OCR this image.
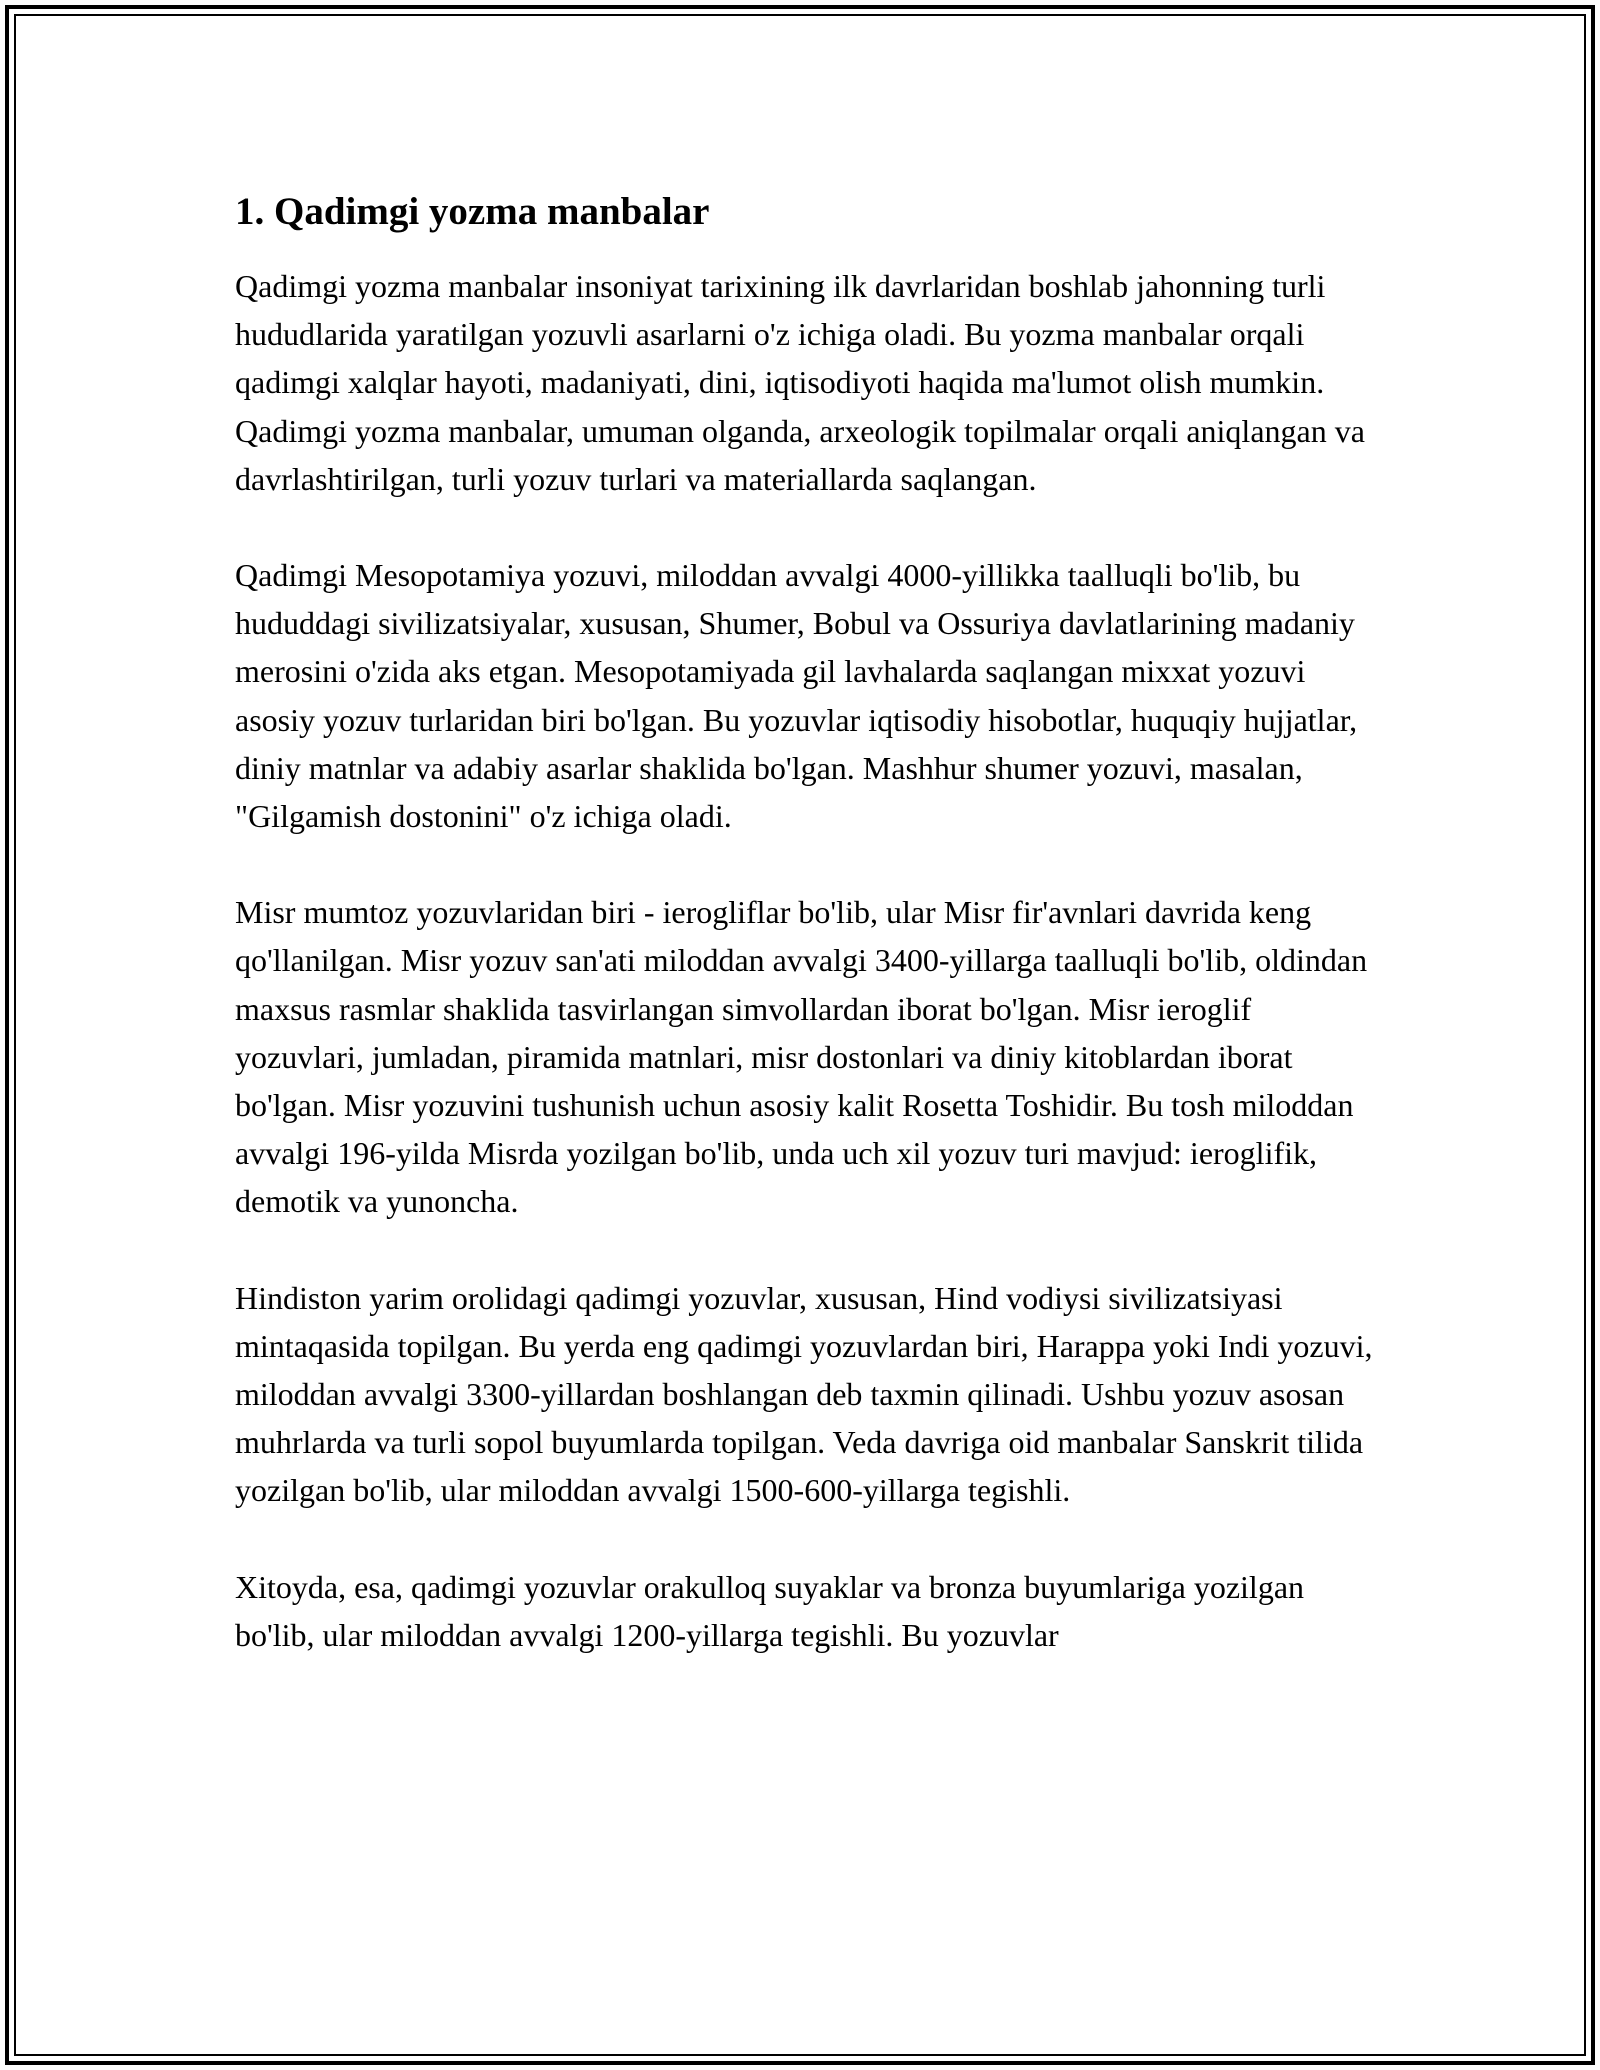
1. Qadimgi yozma manbalar

Qadimgi yozma manbalar insoniyat tarixining ilk davrlaridan boshlab jahonning turli hududlarida yaratilgan yozuvli asarlarni o'z ichiga oladi. Bu yozma manbalar orqali qadimgi xalqlar hayoti, madaniyati, dini, iqtisodiyoti haqida ma'lumot olish mumkin. Qadimgi yozma manbalar, umuman olganda, arxeologik topilmalar orqali aniqlangan va davrlashtirilgan, turli yozuv turlari va materiallarda saqlangan.

Qadimgi Mesopotamiya yozuvi, miloddan avvalgi 4000-yillikka taalluqli bo'lib, bu hududdagi sivilizatsiyalar, xususan, Shumer, Bobul va Ossuriya davlatlarining madaniy merosini o'zida aks etgan. Mesopotamiyada gil lavhalarda saqlangan mixxat yozuvi asosiy yozuv turlaridan biri bo'lgan. Bu yozuvlar iqtisodiy hisobotlar, huquqiy hujjatlar, diniy matnlar va adabiy asarlar shaklida bo'lgan. Mashhur shumer yozuvi, masalan, "Gilgamish dostonini" o'z ichiga oladi.

Misr mumtoz yozuvlaridan biri - ierogliflar bo'lib, ular Misr fir'avnlari davrida keng qo'llanilgan. Misr yozuv san'ati miloddan avvalgi 3400-yillarga taalluqli bo'lib, oldindan maxsus rasmlar shaklida tasvirlangan simvollardan iborat bo'lgan. Misr ieroglif yozuvlari, jumladan, piramida matnlari, misr dostonlari va diniy kitoblardan iborat bo'lgan. Misr yozuvini tushunish uchun asosiy kalit Rosetta Toshidir. Bu tosh miloddan avvalgi 196-yilda Misrda yozilgan bo'lib, unda uch xil yozuv turi mavjud: ieroglifik, demotik va yunoncha.

Hindiston yarim orolidagi qadimgi yozuvlar, xususan, Hind vodiysi sivilizatsiyasi mintaqasida topilgan. Bu yerda eng qadimgi yozuvlardan biri, Harappa yoki Indi yozuvi, miloddan avvalgi 3300-yillardan boshlangan deb taxmin qilinadi. Ushbu yozuv asosan muhrlarda va turli sopol buyumlarda topilgan. Veda davriga oid manbalar Sanskrit tilida yozilgan bo'lib, ular miloddan avvalgi 1500-600-yillarga tegishli.

Xitoyda, esa, qadimgi yozuvlar orakulloq suyaklar va bronza buyumlariga yozilgan bo'lib, ular miloddan avvalgi 1200-yillarga tegishli. Bu yozuvlar
